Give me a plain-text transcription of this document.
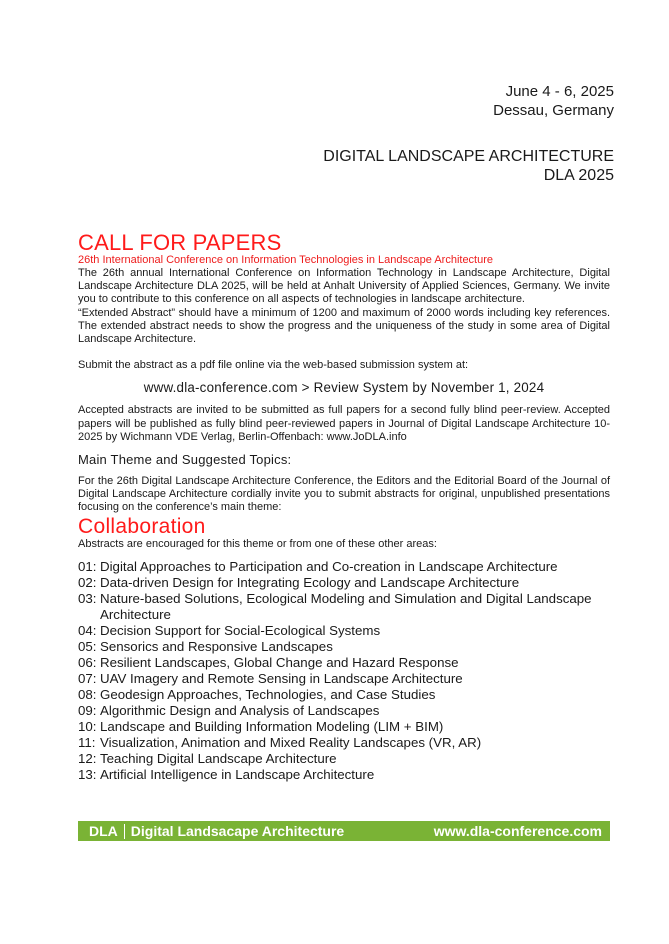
June 4 - 6, 2025
Dessau, Germany
DIGITAL LANDSCAPE ARCHITECTURE
DLA 2025
CALL FOR PAPERS
26th International Conference on Information Technologies in Landscape Architecture

The 26th annual International Conference on Information Technology in Landscape Architecture, Digital Landscape Architecture DLA 2025, will be held at Anhalt University of Applied Sciences, Germany. We invite you to contribute to this conference on all aspects of technologies in landscape architecture.

“Extended Abstract” should have a minimum of 1200 and maximum of 2000 words including key references. The extended abstract needs to show the progress and the uniqueness of the study in some area of Digital Landscape Architecture.

Submit the abstract as a pdf file online via the web-based submission system at:

www.dla-conference.com > Review System by November 1, 2024

Accepted abstracts are invited to be submitted as full papers for a second fully blind peer-review. Accepted papers will be published as fully blind peer-reviewed papers in Journal of Digital Landscape Architecture 10-2025 by Wichmann VDE Verlag, Berlin-Offenbach: www.JoDLA.info

Main Theme and Suggested Topics:

For the 26th Digital Landscape Architecture Conference, the Editors and the Editorial Board of the Journal of Digital Landscape Architecture cordially invite you to submit abstracts for original, unpublished presentations focusing on the conference’s main theme:

Collaboration

Abstracts are encouraged for this theme or from one of these other areas:

01: Digital Approaches to Participation and Co-creation in Landscape Architecture
02: Data-driven Design for Integrating Ecology and Landscape Architecture
03: Nature-based Solutions, Ecological Modeling and Simulation and Digital Landscape Architecture
04: Decision Support for Social-Ecological Systems
05: Sensorics and Responsive Landscapes
06: Resilient Landscapes, Global Change and Hazard Response
07: UAV Imagery and Remote Sensing in Landscape Architecture
08: Geodesign Approaches, Technologies, and Case Studies
09: Algorithmic Design and Analysis of Landscapes
10: Landscape and Building Information Modeling (LIM + BIM)
11: Visualization, Animation and Mixed Reality Landscapes (VR, AR)
12: Teaching Digital Landscape Architecture
13: Artificial Intelligence in Landscape Architecture
DLA Digital Landsacape Architecture	www.dla-conference.com
